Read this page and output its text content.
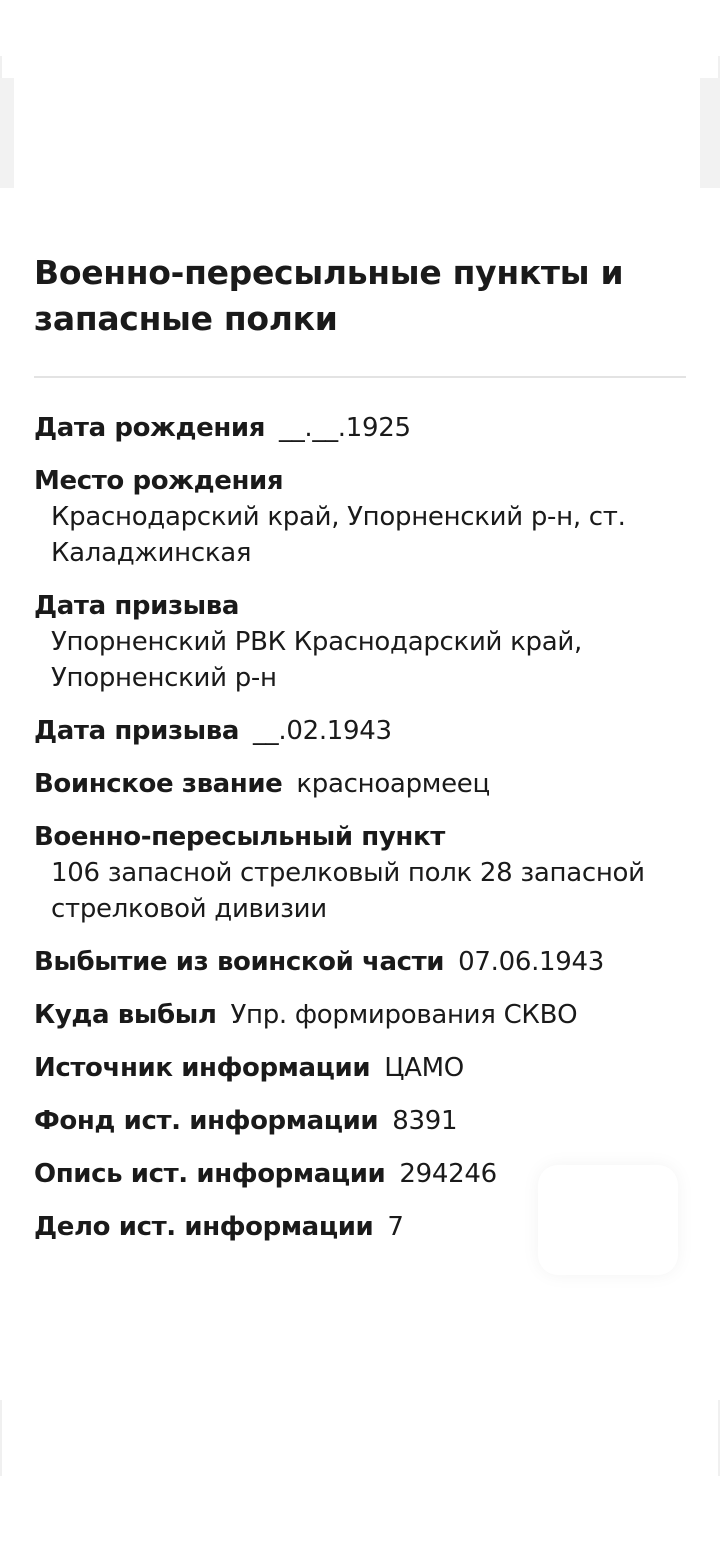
Военно-пересыльные пункты и запасные полки
Дата рождения __.__.1925
Место рождения
Краснодарский край, Упорненский р-н, ст. Каладжинская
Дата призыва
Упорненский РВК Краснодарский край, Упорненский р-н
Дата призыва __.02.1943
Воинское звание красноармеец
Военно-пересыльный пункт
106 запасной стрелковый полк 28 запасной стрелковой дивизии
Выбытие из воинской части 07.06.1943
Куда выбыл Упр. формирования СКВО
Источник информации ЦАМО
Фонд ист. информации 8391
Опись ист. информации 294246
Дело ист. информации 7
